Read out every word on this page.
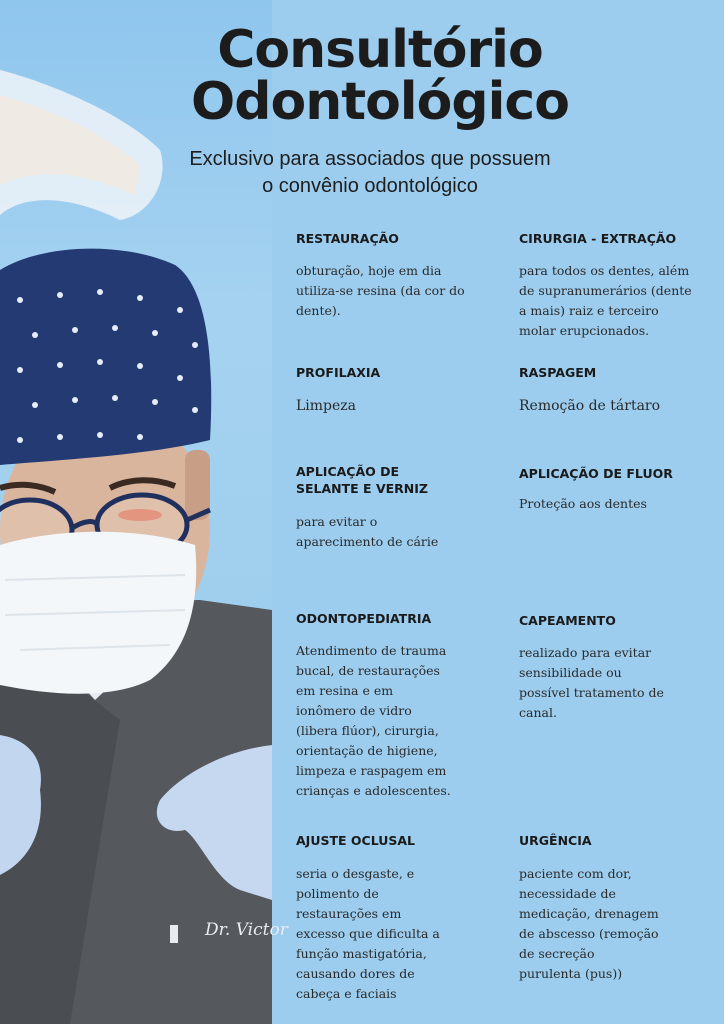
Dr. Victor
Consultório
Odontológico
Exclusivo para associados que possuem
o convênio odontológico
RESTAURAÇÃO

obturação, hoje em dia utiliza-se resina (da cor do dente).

CIRURGIA - EXTRAÇÃO

para todos os dentes, além de supranumerários (dente a mais) raiz e terceiro molar erupcionados.

PROFILAXIA

Limpeza

RASPAGEM

Remoção de tártaro

APLICAÇÃO DE SELANTE E VERNIZ

para evitar o aparecimento de cárie

APLICAÇÃO DE FLUOR

Proteção aos dentes

ODONTOPEDIATRIA

Atendimento de trauma bucal, de restaurações em resina e em ionômero de vidro (libera flúor), cirurgia, orientação de higiene, limpeza e raspagem em crianças e adolescentes.

CAPEAMENTO

realizado para evitar sensibilidade ou possível tratamento de canal.

AJUSTE OCLUSAL

seria o desgaste, e polimento de restaurações em excesso que dificulta a função mastigatória, causando dores de cabeça e faciais

URGÊNCIA

paciente com dor, necessidade de medicação, drenagem de abscesso (remoção de secreção purulenta (pus))
